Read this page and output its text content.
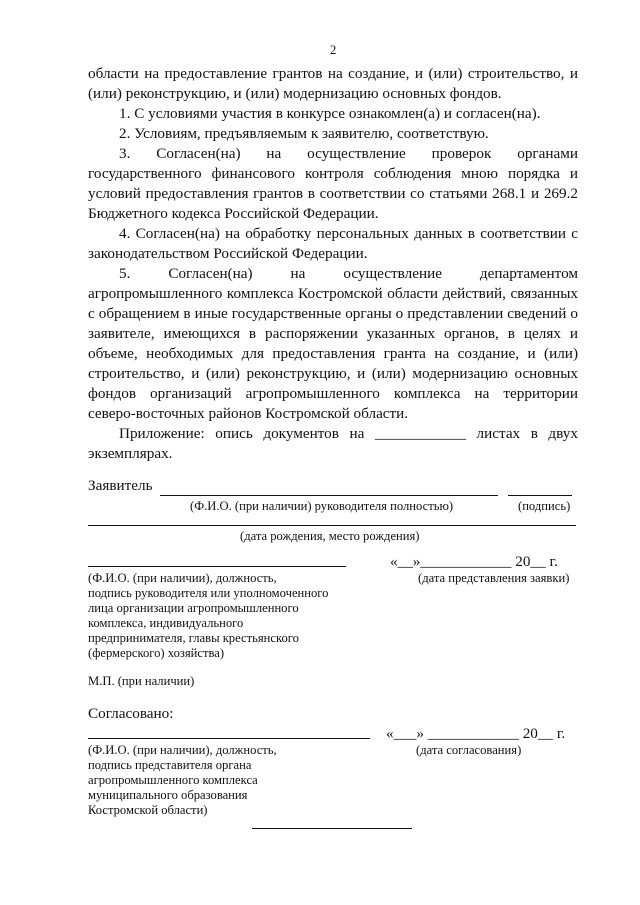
2
области на предоставление грантов на создание, и (или) строительство, и
(или) реконструкцию, и (или) модернизацию основных фондов.
1. С условиями участия в конкурсе ознакомлен(а) и согласен(на).
2. Условиям, предъявляемым к заявителю, соответствую.
3. Согласен(на) на осуществление проверок органами
государственного финансового контроля соблюдения мною порядка и
условий предоставления грантов в соответствии со статьями 268.1 и 269.2
Бюджетного кодекса Российской Федерации.
4. Согласен(на) на обработку персональных данных в соответствии с
законодательством Российской Федерации.
5. Согласен(на) на осуществление департаментом
агропромышленного комплекса Костромской области действий, связанных
с обращением в иные государственные органы о представлении сведений о
заявителе, имеющихся в распоряжении указанных органов, в целях и
объеме, необходимых для предоставления гранта на создание, и (или)
строительство, и (или) реконструкцию, и (или) модернизацию основных
фондов организаций агропромышленного комплекса на территории
северо-восточных районов Костромской области.
Приложение: опись документов на ____________ листах в двух
экземплярах.
Заявитель
(Ф.И.О. (при наличии) руководителя полностью)	(подпись)
(дата рождения, место рождения)
«__»____________ 20__ г.
(Ф.И.О. (при наличии), должность,
подпись руководителя или уполномоченного
лица организации агропромышленного
комплекса, индивидуального
предпринимателя, главы крестьянского
(фермерского) хозяйства)
(дата представления заявки)
М.П. (при наличии)
Согласовано:
«___» ____________ 20__ г.
(Ф.И.О. (при наличии), должность,
подпись представителя органа
агропромышленного комплекса
муниципального образования
Костромской области)
(дата согласования)
